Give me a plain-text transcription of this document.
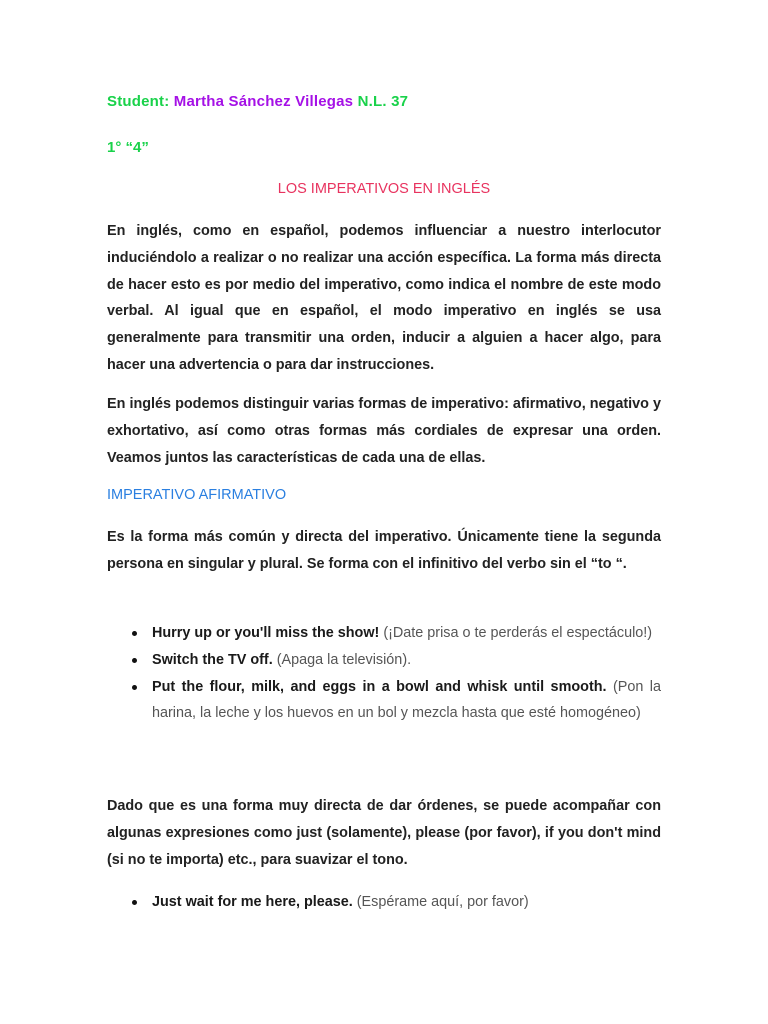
Student: Martha Sánchez Villegas N.L. 37
1° “4”
LOS IMPERATIVOS EN INGLÉS

En inglés, como en español, podemos influenciar a nuestro interlocutor induciéndolo a realizar o no realizar una acción específica. La forma más directa de hacer esto es por medio del imperativo, como indica el nombre de este modo verbal. Al igual que en español, el modo imperativo en inglés se usa generalmente para transmitir una orden, inducir a alguien a hacer algo, para hacer una advertencia o para dar instrucciones.

En inglés podemos distinguir varias formas de imperativo: afirmativo, negativo y exhortativo, así como otras formas más cordiales de expresar una orden. Veamos juntos las características de cada una de ellas.

IMPERATIVO AFIRMATIVO

Es la forma más común y directa del imperativo. Únicamente tiene la segunda persona en singular y plural. Se forma con el infinitivo del verbo sin el “to “.

Hurry up or you'll miss the show! (¡Date prisa o te perderás el espectáculo!)
Switch the TV off. (Apaga la televisión).
Put the flour, milk, and eggs in a bowl and whisk until smooth. (Pon la harina, la leche y los huevos en un bol y mezcla hasta que esté homogéneo)

Dado que es una forma muy directa de dar órdenes, se puede acompañar con algunas expresiones como just (solamente), please (por favor), if you don't mind (si no te importa) etc., para suavizar el tono.

Just wait for me here, please. (Espérame aquí, por favor)
